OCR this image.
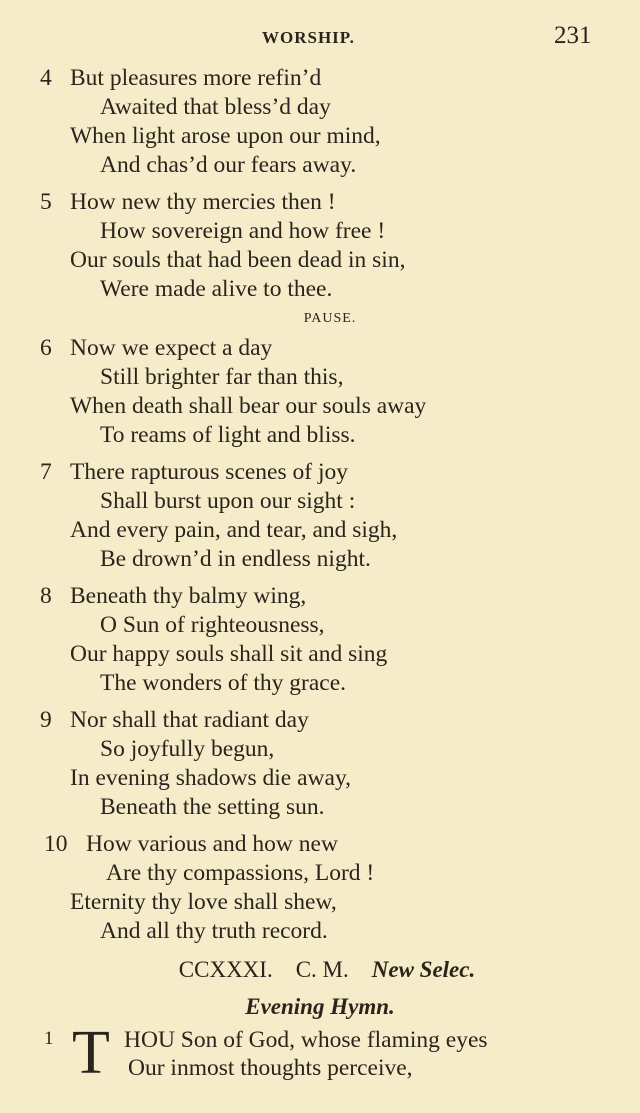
WORSHIP.	231
4 But pleasures more refin’d
Awaited that bless’d day
When light arose upon our mind,
And chas’d our fears away.
5 How new thy mercies then !
How sovereign and how free !
Our souls that had been dead in sin,
Were made alive to thee.
PAUSE.
6 Now we expect a day
Still brighter far than this,
When death shall bear our souls away
To reams of light and bliss.
7 There rapturous scenes of joy
Shall burst upon our sight :
And every pain, and tear, and sigh,
Be drown’d in endless night.
8 Beneath thy balmy wing,
O Sun of righteousness,
Our happy souls shall sit and sing
The wonders of thy grace.
9 Nor shall that radiant day
So joyfully begun,
In evening shadows die away,
Beneath the setting sun.
10 How various and how new
Are thy compassions, Lord !
Eternity thy love shall shew,
And all thy truth record.
CCXXXI. C. M. New Selec.
Evening Hymn.
1 T HOU Son of God, whose flaming eyes
Our inmost thoughts perceive,
